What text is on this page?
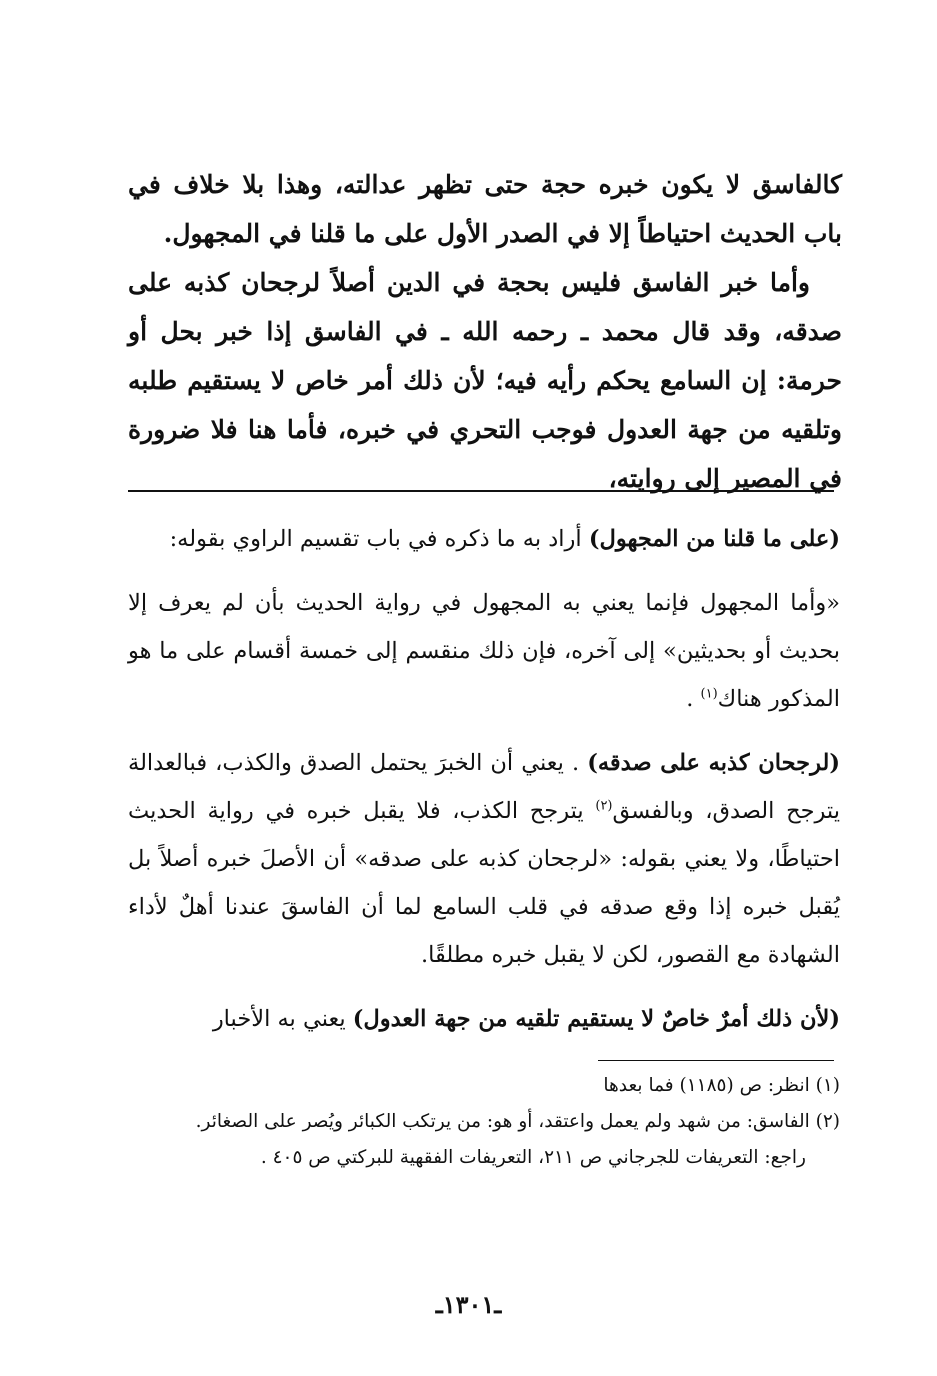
كالفاسق لا يكون خبره حجة حتى تظهر عدالته، وهذا بلا خلاف في باب الحديث احتياطاً إلا في الصدر الأول على ما قلنا في المجهول.

وأما خبر الفاسق فليس بحجة في الدين أصلاً لرجحان كذبه على صدقه، وقد قال محمد ـ رحمه الله ـ في الفاسق إذا خبر بحل أو حرمة: إن السامع يحكم رأيه فيه؛ لأن ذلك أمر خاص لا يستقيم طلبه وتلقيه من جهة العدول فوجب التحري في خبره، فأما هنا فلا ضرورة في المصير إلى روايته،

(على ما قلنا من المجهول) أراد به ما ذكره في باب تقسيم الراوي بقوله:

«وأما المجهول فإنما يعني به المجهول في رواية الحديث بأن لم يعرف إلا بحديث أو بحديثين» إلى آخره، فإن ذلك منقسم إلى خمسة أقسام على ما هو المذكور هناك$^{(١)}$ .

(لرجحان كذبه على صدقه) . يعني أن الخبرَ يحتمل الصدق والكذب، فبالعدالة يترجح الصدق، وبالفسق$^{(٢)}$ يترجح الكذب، فلا يقبل خبره في رواية الحديث احتياطًا، ولا يعني بقوله: «لرجحان كذبه على صدقه» أن الأصلَ خبره أصلاً بل يُقبل خبره إذا وقع صدقه في قلب السامع لما أن الفاسقَ عندنا أهلٌ لأداء الشهادة مع القصور، لكن لا يقبل خبره مطلقًا.

(لأن ذلك أمرٌ خاصٌ لا يستقيم تلقيه من جهة العدول) يعني به الأخبار

(١) انظر: ص (١١٨٥) فما بعدها

(٢) الفاسق: من شهد ولم يعمل واعتقد، أو هو: من يرتكب الكبائر ويُصر على الصغائر.

راجع: التعريفات للجرجاني ص ٢١١، التعريفات الفقهية للبركتي ص ٤٠٥ .

ـ١٣٠١ـ
